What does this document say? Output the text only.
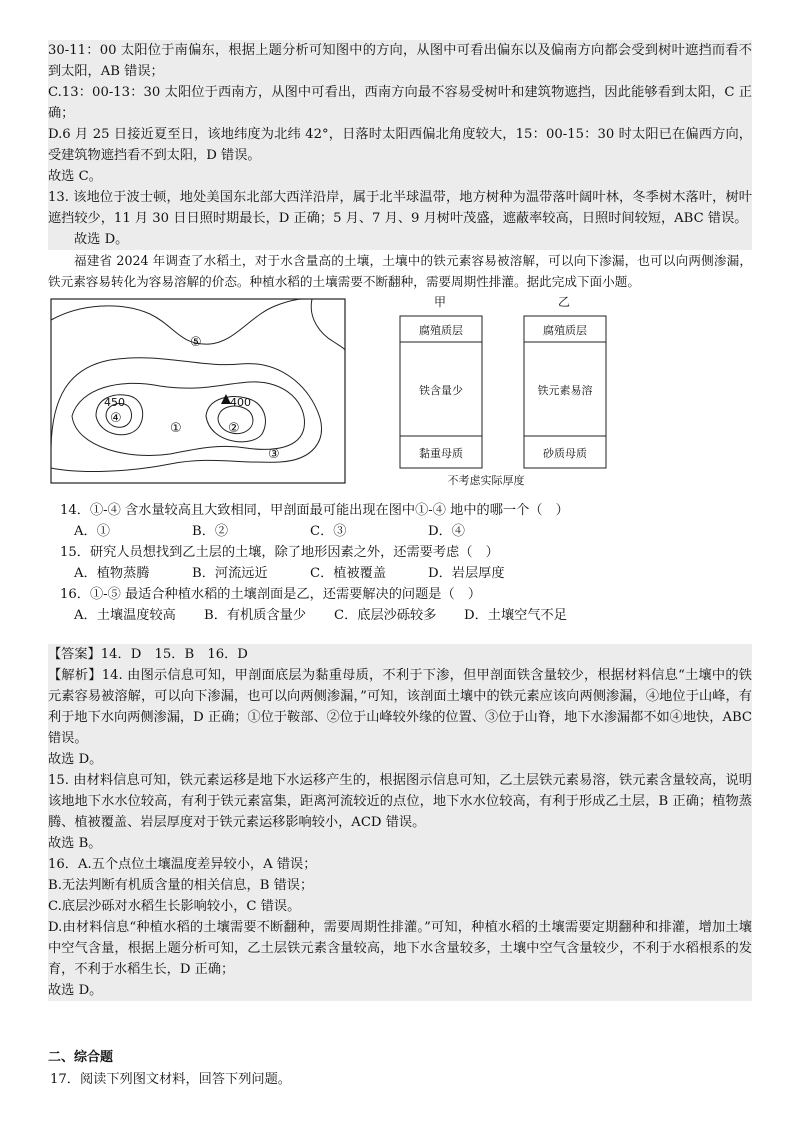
30-11：00 太阳位于南偏东，根据上题分析可知图中的方向，从图中可看出偏东以及偏南方向都会受到树叶遮挡而看不到太阳，AB 错误；

C.13：00-13：30 太阳位于西南方，从图中可看出，西南方向最不容易受树叶和建筑物遮挡，因此能够看到太阳，C 正确；

D.6 月 25 日接近夏至日，该地纬度为北纬 42°，日落时太阳西偏北角度较大，15：00-15：30 时太阳已在偏西方向，受建筑物遮挡看不到太阳，D 错误。

故选 C。

13. 该地位于波士顿，地处美国东北部大西洋沿岸，属于北半球温带，地方树种为温带落叶阔叶林，冬季树木落叶，树叶遮挡较少，11 月 30 日日照时期最长，D 正确；5 月、7 月、9 月树叶茂盛，遮蔽率较高，日照时间较短，ABC 错误。

故选 D。

福建省 2024 年调查了水稻土，对于水含量高的土壤，土壤中的铁元素容易被溶解，可以向下渗漏，也可以向两侧渗漏，铁元素容易转化为容易溶解的价态。种植水稻的土壤需要不断翻种，需要周期性排灌。据此完成下面小题。

450	400
①	②
③
④
⑤
甲	乙
腐殖质层
铁含量少
黏重母质
腐殖质层
铁元素易溶
砂质母质
不考虑实际厚度

14．①-④ 含水量较高且大致相同，甲剖面最可能出现在图中①-④ 地中的哪一个（　）

A．①	B．②	C．③	D．④

15．研究人员想找到乙土层的土壤，除了地形因素之外，还需要考虑（　）

A．植物蒸腾	B．河流远近	C．植被覆盖	D．岩层厚度

16．①-⑤ 最适合种植水稻的土壤剖面是乙，还需要解决的问题是（　）

A．土壤温度较高	B．有机质含量少	C．底层沙砾较多	D．土壤空气不足

【答案】14．D　15．B　16．D

【解析】14. 由图示信息可知，甲剖面底层为黏重母质，不利于下渗，但甲剖面铁含量较少，根据材料信息“土壤中的铁元素容易被溶解，可以向下渗漏，也可以向两侧渗漏，”可知，该剖面土壤中的铁元素应该向两侧渗漏，④地位于山峰，有利于地下水向两侧渗漏，D 正确；①位于鞍部、②位于山峰较外缘的位置、③位于山脊，地下水渗漏都不如④地快，ABC 错误。

故选 D。

15. 由材料信息可知，铁元素运移是地下水运移产生的，根据图示信息可知，乙土层铁元素易溶，铁元素含量较高，说明该地地下水水位较高，有利于铁元素富集，距离河流较近的点位，地下水水位较高，有利于形成乙土层，B 正确；植物蒸腾、植被覆盖、岩层厚度对于铁元素运移影响较小，ACD 错误。

故选 B。

16．A.五个点位土壤温度差异较小，A 错误；

B.无法判断有机质含量的相关信息，B 错误；

C.底层沙砾对水稻生长影响较小，C 错误。

D.由材料信息“种植水稻的土壤需要不断翻种，需要周期性排灌。”可知，种植水稻的土壤需要定期翻种和排灌，增加土壤中空气含量，根据上题分析可知，乙土层铁元素含量较高，地下水含量较多，土壤中空气含量较少，不利于水稻根系的发育，不利于水稻生长，D 正确；

故选 D。

二、综合题

17．阅读下列图文材料，回答下列问题。
